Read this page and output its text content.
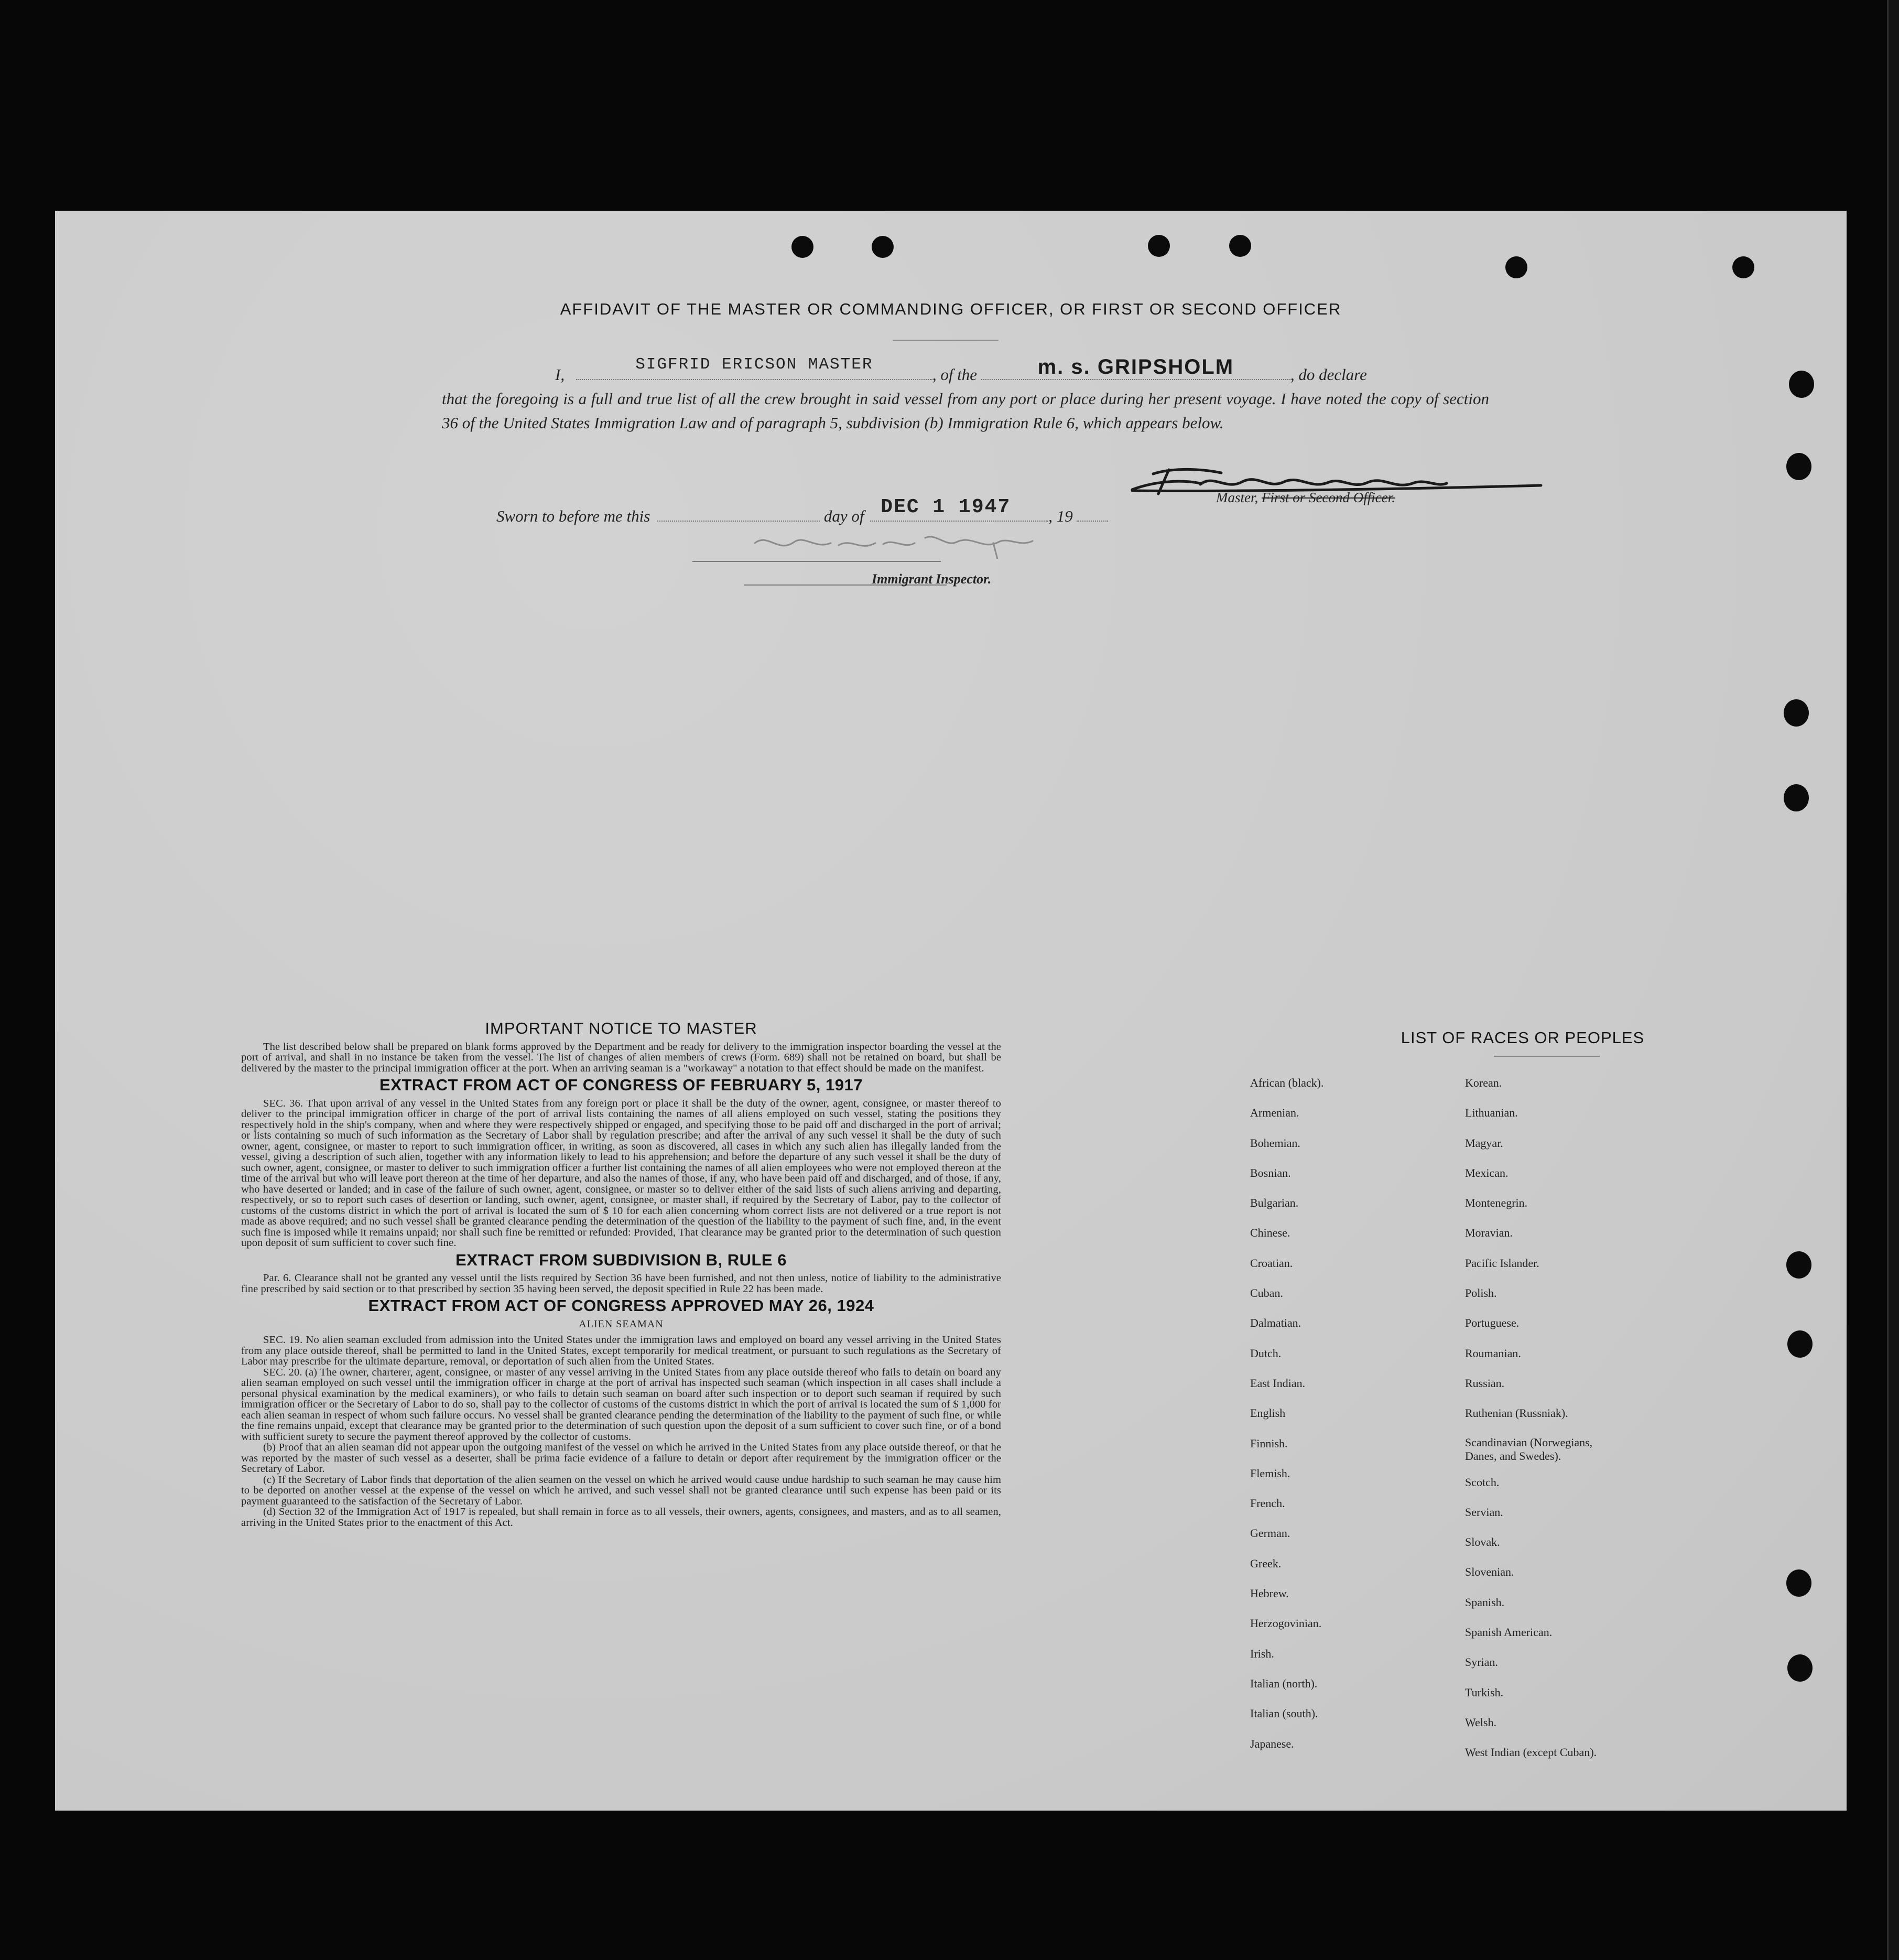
AFFIDAVIT OF THE MASTER OR COMMANDING OFFICER, OR FIRST OR SECOND OFFICER
I,
SIGFRID ERICSON MASTER
, of the	m. s. GRIPSHOLM	, do declare
that the foregoing is a full and true list of all the crew brought in said vessel from any port or place during her present voyage. I have noted the copy of section 36 of the United States Immigration Law and of paragraph 5, subdivision (b) Immigration Rule 6, which appears below.
Master, First or Second Officer.
Sworn to before me this	day of DEC 1 1947	, 19
Immigrant Inspector.
IMPORTANT NOTICE TO MASTER

The list described below shall be prepared on blank forms approved by the Department and be ready for delivery to the immigration inspector boarding the vessel at the port of arrival, and shall in no instance be taken from the vessel. The list of changes of alien members of crews (Form. 689) shall not be retained on board, but shall be delivered by the master to the principal immigration officer at the port. When an arriving seaman is a "workaway" a notation to that effect should be made on the manifest.

EXTRACT FROM ACT OF CONGRESS OF FEBRUARY 5, 1917

SEC. 36. That upon arrival of any vessel in the United States from any foreign port or place it shall be the duty of the owner, agent, consignee, or master thereof to deliver to the principal immigration officer in charge of the port of arrival lists containing the names of all aliens employed on such vessel, stating the positions they respectively hold in the ship's company, when and where they were respectively shipped or engaged, and specifying those to be paid off and discharged in the port of arrival; or lists containing so much of such information as the Secretary of Labor shall by regulation prescribe; and after the arrival of any such vessel it shall be the duty of such owner, agent, consignee, or master to report to such immigration officer, in writing, as soon as discovered, all cases in which any such alien has illegally landed from the vessel, giving a description of such alien, together with any information likely to lead to his apprehension; and before the departure of any such vessel it shall be the duty of such owner, agent, consignee, or master to deliver to such immigration officer a further list containing the names of all alien employees who were not employed thereon at the time of the arrival but who will leave port thereon at the time of her departure, and also the names of those, if any, who have been paid off and discharged, and of those, if any, who have deserted or landed; and in case of the failure of such owner, agent, consignee, or master so to deliver either of the said lists of such aliens arriving and departing, respectively, or so to report such cases of desertion or landing, such owner, agent, consignee, or master shall, if required by the Secretary of Labor, pay to the collector of customs of the customs district in which the port of arrival is located the sum of $ 10 for each alien concerning whom correct lists are not delivered or a true report is not made as above required; and no such vessel shall be granted clearance pending the determination of the question of the liability to the payment of such fine, and, in the event such fine is imposed while it remains unpaid; nor shall such fine be remitted or refunded: Provided, That clearance may be granted prior to the determination of such question upon deposit of sum sufficient to cover such fine.

EXTRACT FROM SUBDIVISION B, RULE 6

Par. 6. Clearance shall not be granted any vessel until the lists required by Section 36 have been furnished, and not then unless, notice of liability to the administrative fine prescribed by said section or to that prescribed by section 35 having been served, the deposit specified in Rule 22 has been made.

EXTRACT FROM ACT OF CONGRESS APPROVED MAY 26, 1924
ALIEN SEAMAN

SEC. 19. No alien seaman excluded from admission into the United States under the immigration laws and employed on board any vessel arriving in the United States from any place outside thereof, shall be permitted to land in the United States, except temporarily for medical treatment, or pursuant to such regulations as the Secretary of Labor may prescribe for the ultimate departure, removal, or deportation of such alien from the United States.

SEC. 20. (a) The owner, charterer, agent, consignee, or master of any vessel arriving in the United States from any place outside thereof who fails to detain on board any alien seaman employed on such vessel until the immigration officer in charge at the port of arrival has inspected such seaman (which inspection in all cases shall include a personal physical examination by the medical examiners), or who fails to detain such seaman on board after such inspection or to deport such seaman if required by such immigration officer or the Secretary of Labor to do so, shall pay to the collector of customs of the customs district in which the port of arrival is located the sum of $ 1,000 for each alien seaman in respect of whom such failure occurs. No vessel shall be granted clearance pending the determination of the liability to the payment of such fine, or while the fine remains unpaid, except that clearance may be granted prior to the determination of such question upon the deposit of a sum sufficient to cover such fine, or of a bond with sufficient surety to secure the payment thereof approved by the collector of customs.

(b) Proof that an alien seaman did not appear upon the outgoing manifest of the vessel on which he arrived in the United States from any place outside thereof, or that he was reported by the master of such vessel as a deserter, shall be prima facie evidence of a failure to detain or deport after requirement by the immigration officer or the Secretary of Labor.

(c) If the Secretary of Labor finds that deportation of the alien seamen on the vessel on which he arrived would cause undue hardship to such seaman he may cause him to be deported on another vessel at the expense of the vessel on which he arrived, and such vessel shall not be granted clearance until such expense has been paid or its payment guaranteed to the satisfaction of the Secretary of Labor.

(d) Section 32 of the Immigration Act of 1917 is repealed, but shall remain in force as to all vessels, their owners, agents, consignees, and masters, and as to all seamen, arriving in the United States prior to the enactment of this Act.

LIST OF RACES OR PEOPLES
African (black).
Armenian.
Bohemian.
Bosnian.
Bulgarian.
Chinese.
Croatian.
Cuban.
Dalmatian.
Dutch.
East Indian.
English
Finnish.
Flemish.
French.
German.
Greek.
Hebrew.
Herzogovinian.
Irish.
Italian (north).
Italian (south).
Japanese.
Korean.
Lithuanian.
Magyar.
Mexican.
Montenegrin.
Moravian.
Pacific Islander.
Polish.
Portuguese.
Roumanian.
Russian.
Ruthenian (Russniak).
Scandinavian (Norwegians,
Danes, and Swedes).
Scotch.
Servian.
Slovak.
Slovenian.
Spanish.
Spanish American.
Syrian.
Turkish.
Welsh.
West Indian (except Cuban).
